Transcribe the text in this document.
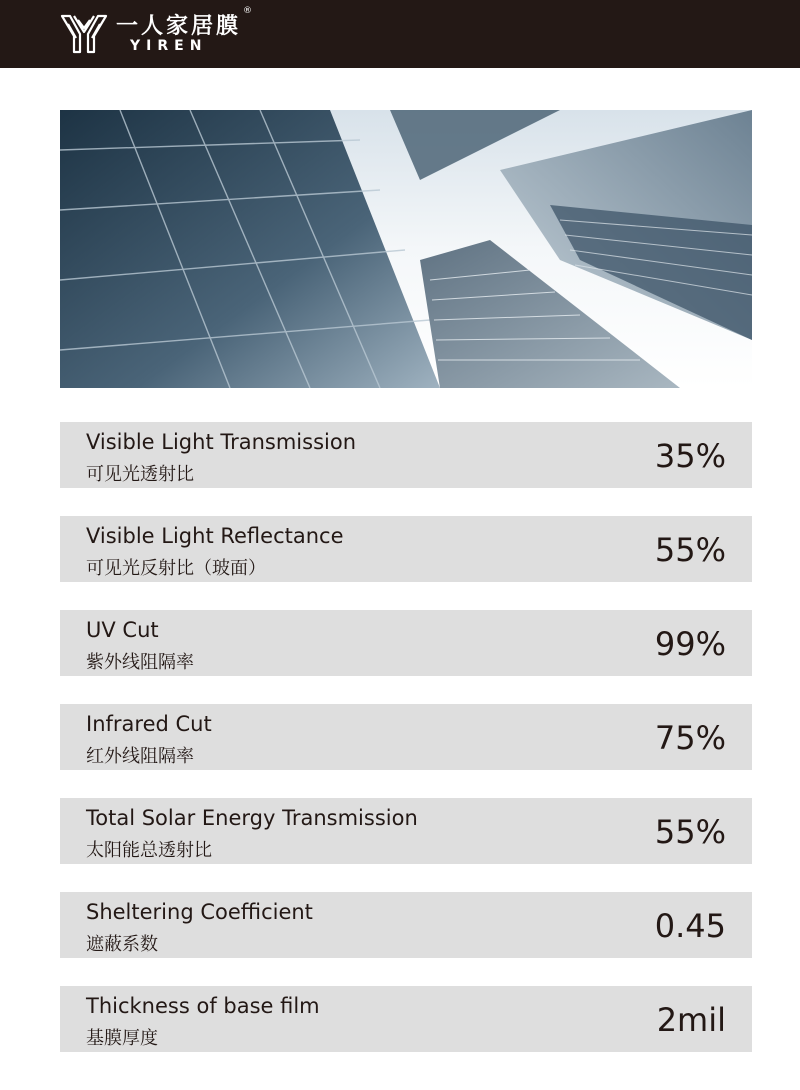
一人家居膜
®
YIREN
Visible Light Transmission
可见光透射比	35%
Visible Light Reflectance
可见光反射比（玻面）	55%
UV Cut
紫外线阻隔率	99%
Infrared Cut
红外线阻隔率	75%
Total Solar Energy Transmission
太阳能总透射比	55%
Sheltering Coefficient
遮蔽系数	0.45
Thickness of base film
基膜厚度	2mil
